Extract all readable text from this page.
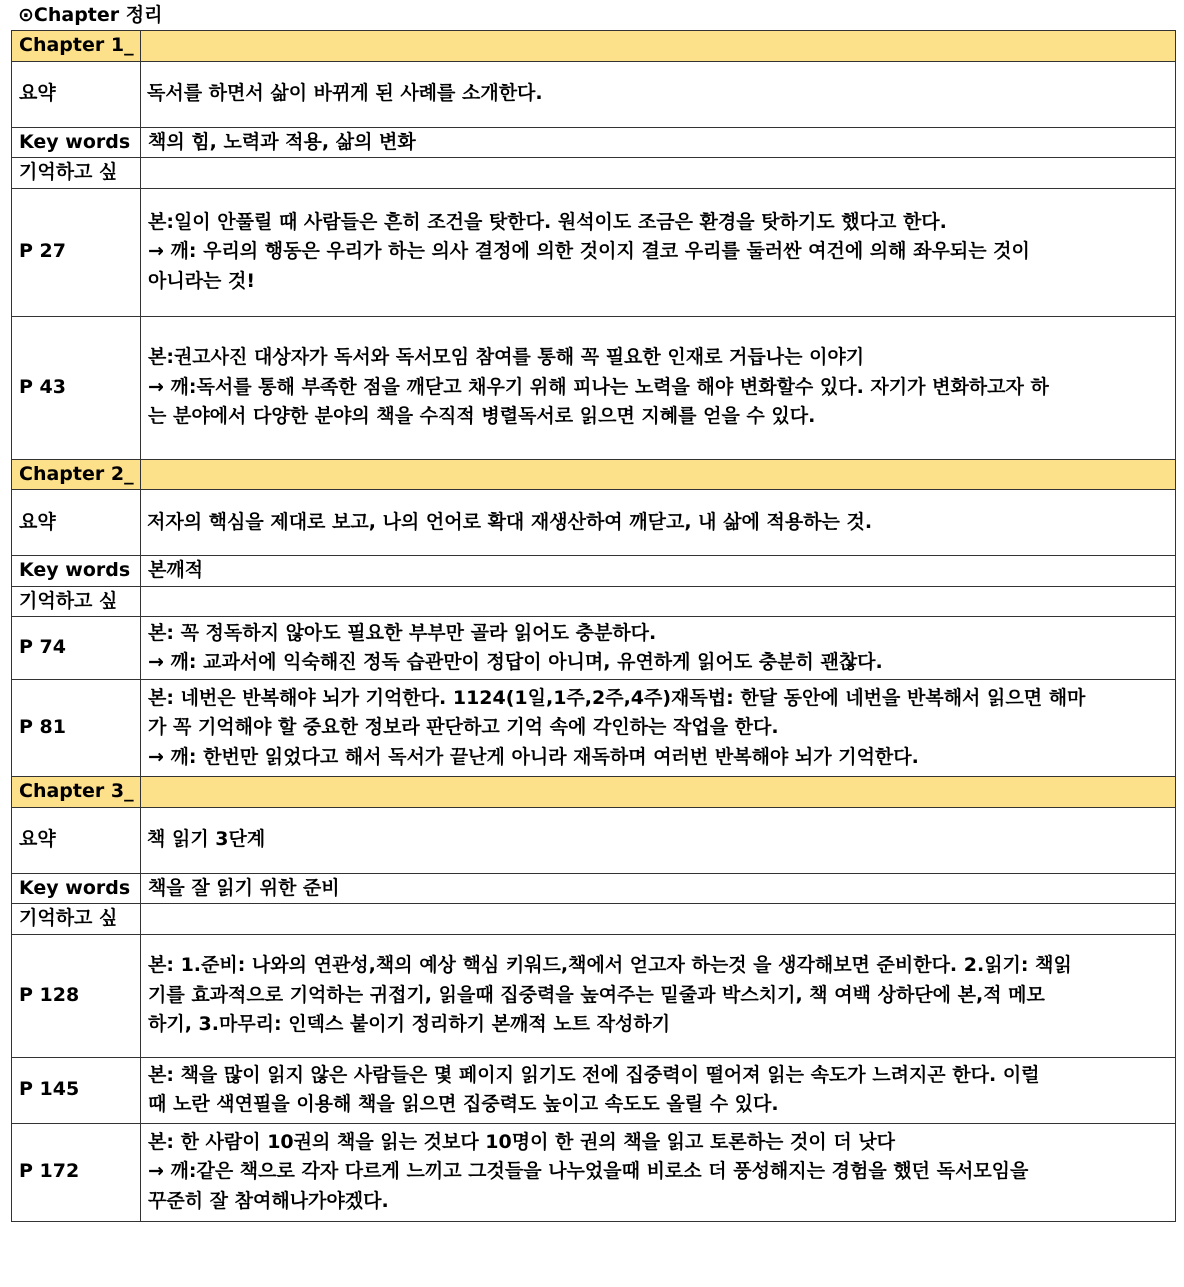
⊙Chapter 정리
Chapter 1_	
요약	독서를 하면서 삶이 바뀌게 된 사례를 소개한다.

Key words	책의 힘, 노력과 적용, 삶의 변화

기억하고 싶	
P 27	본:일이 안풀릴 때 사람들은 흔히 조건을 탓한다. 원석이도 조금은 환경을 탓하기도 했다고 한다.
→ 깨: 우리의 행동은 우리가 하는 의사 결정에 의한 것이지 결코 우리를 둘러싼 여건에 의해 좌우되는 것이
아니라는 것!

P 43	본:권고사진 대상자가 독서와 독서모임 참여를 통해 꼭 필요한 인재로 거듭나는 이야기
→ 깨:독서를 통해 부족한 점을 깨닫고 채우기 위해 피나는 노력을 해야 변화할수 있다. 자기가 변화하고자 하
는 분야에서 다양한 분야의 책을 수직적 병렬독서로 읽으면 지혜를 얻을 수 있다.

Chapter 2_	
요약	저자의 핵심을 제대로 보고, 나의 언어로 확대 재생산하여 깨닫고, 내 삶에 적용하는 것.

Key words	본깨적

기억하고 싶	
P 74	본: 꼭 정독하지 않아도 필요한 부부만 골라 읽어도 충분하다.
→ 깨: 교과서에 익숙해진 정독 습관만이 정답이 아니며, 유연하게 읽어도 충분히 괜찮다.

P 81	본: 네번은 반복해야 뇌가 기억한다. 1124(1일,1주,2주,4주)재독법: 한달 동안에 네번을 반복해서 읽으면 해마
가 꼭 기억해야 할 중요한 정보라 판단하고 기억 속에 각인하는 작업을 한다.
→ 깨: 한번만 읽었다고 해서 독서가 끝난게 아니라 재독하며 여러번 반복해야 뇌가 기억한다.

Chapter 3_	
요약	책 읽기 3단계

Key words	책을 잘 읽기 위한 준비

기억하고 싶	
P 128	본: 1.준비: 나와의 연관성,책의 예상 핵심 키워드,책에서 얻고자 하는것 을 생각해보면 준비한다. 2.읽기: 책읽
기를 효과적으로 기억하는 귀접기, 읽을때 집중력을 높여주는 밑줄과 박스치기, 책 여백 상하단에 본,적 메모
하기, 3.마무리: 인덱스 붙이기 정리하기 본깨적 노트 작성하기

P 145	본: 책을 많이 읽지 않은 사람들은 몇 페이지 읽기도 전에 집중력이 떨어져 읽는 속도가 느려지곤 한다. 이럴
때 노란 색연필을 이용해 책을 읽으면 집중력도 높이고 속도도 올릴 수 있다.

P 172	본: 한 사람이 10권의 책을 읽는 것보다 10명이 한 권의 책을 읽고 토론하는 것이 더 낫다
→ 깨:같은 책으로 각자 다르게 느끼고 그것들을 나누었을때 비로소 더 풍성해지는 경험을 했던 독서모임을
꾸준히 잘 참여해나가야겠다.
